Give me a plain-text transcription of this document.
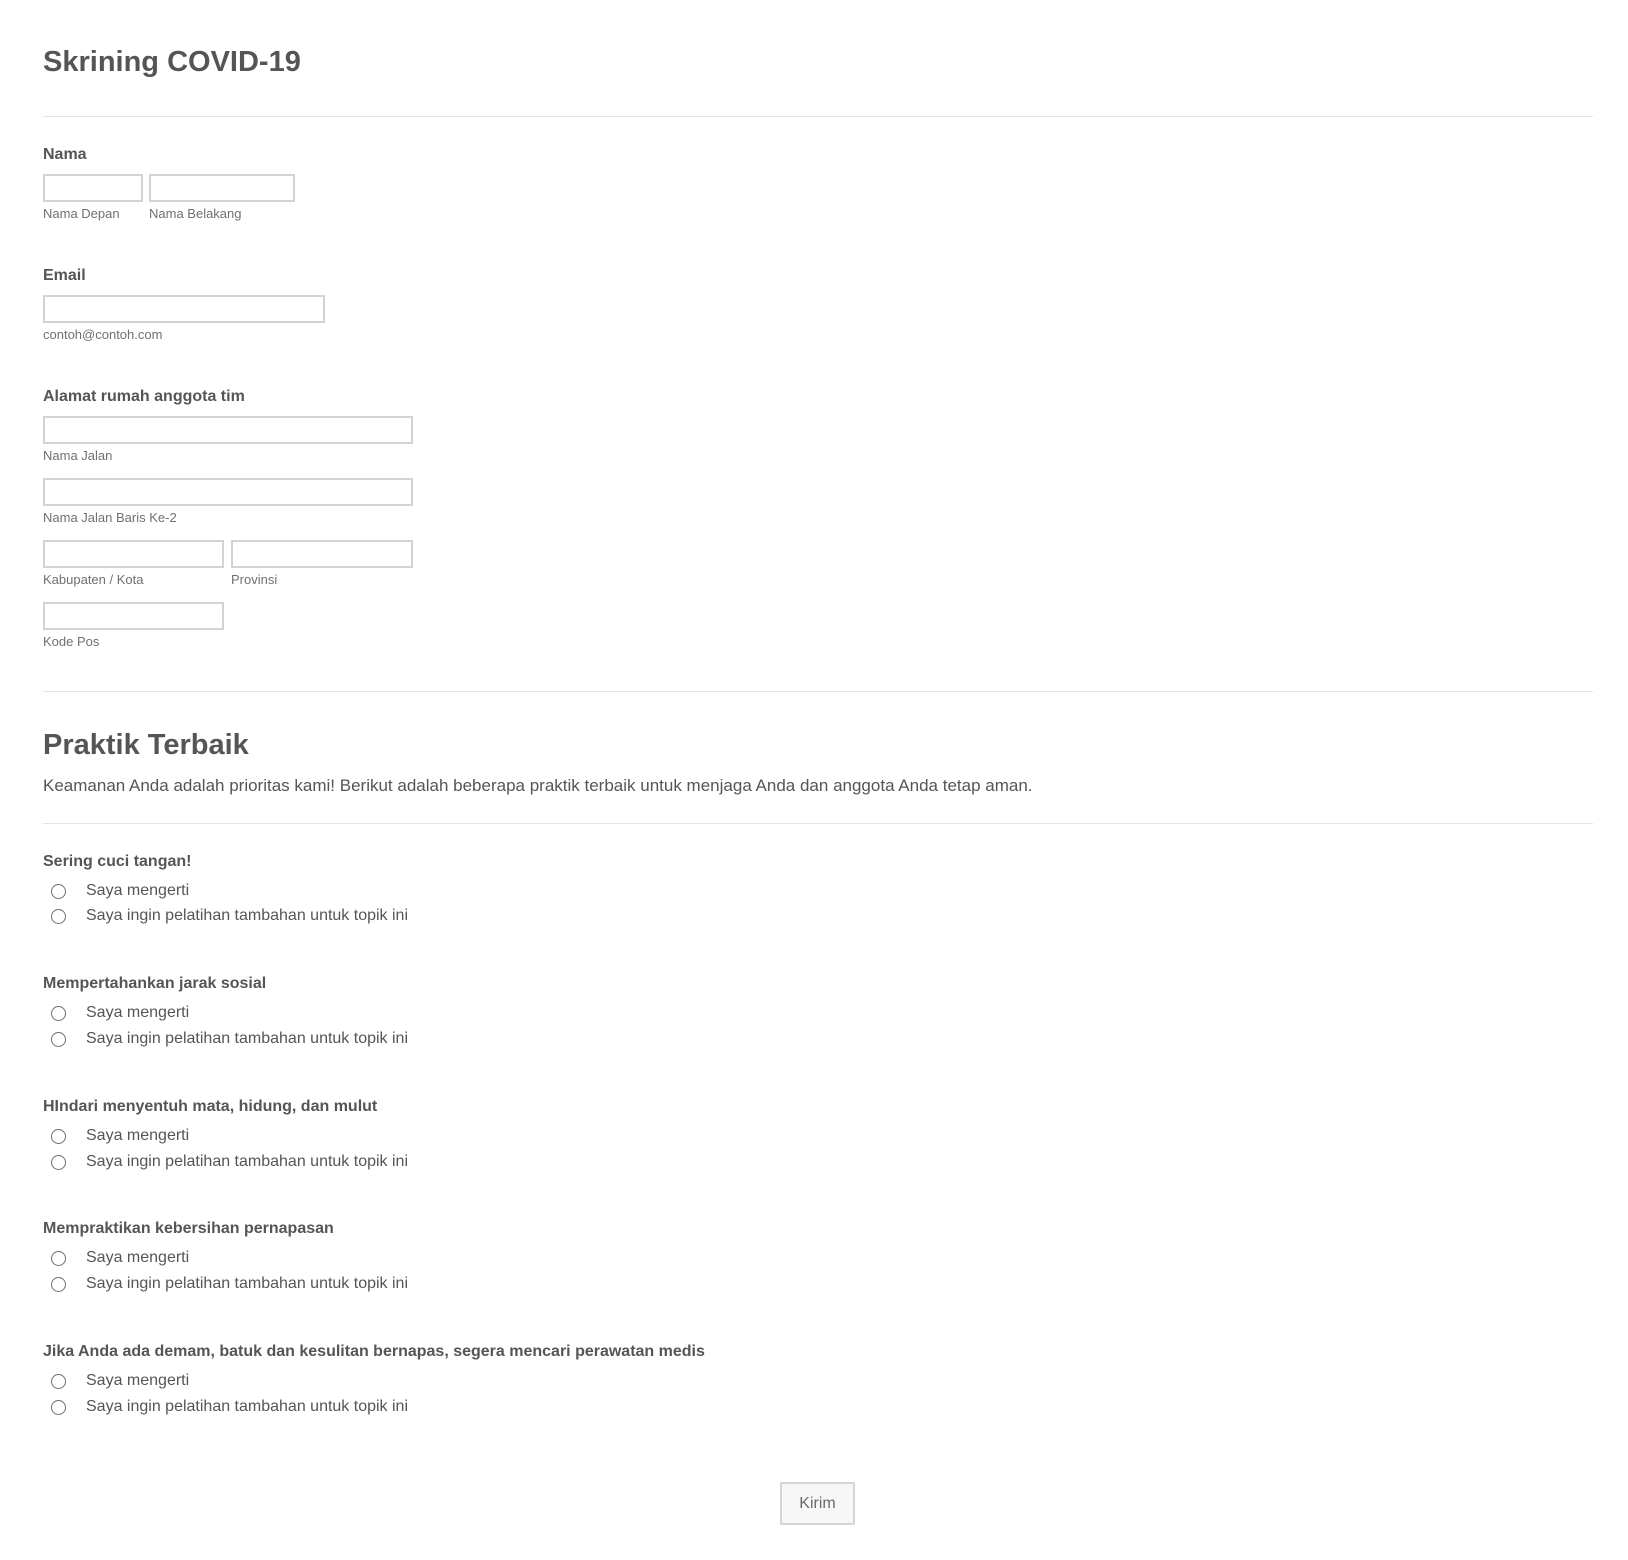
Skrining COVID-19
Nama
Nama Depan Nama Belakang
Email
contoh@contoh.com
Alamat rumah anggota tim
Nama Jalan
Nama Jalan Baris Ke-2
Kabupaten / Kota	Provinsi
Kode Pos
Praktik Terbaik
Keamanan Anda adalah prioritas kami! Berikut adalah beberapa praktik terbaik untuk menjaga Anda dan anggota Anda tetap aman.
Sering cuci tangan!
Saya mengerti
Saya ingin pelatihan tambahan untuk topik ini
Mempertahankan jarak sosial
Saya mengerti
Saya ingin pelatihan tambahan untuk topik ini
HIndari menyentuh mata, hidung, dan mulut
Saya mengerti
Saya ingin pelatihan tambahan untuk topik ini
Mempraktikan kebersihan pernapasan
Saya mengerti
Saya ingin pelatihan tambahan untuk topik ini
Jika Anda ada demam, batuk dan kesulitan bernapas, segera mencari perawatan medis
Saya mengerti
Saya ingin pelatihan tambahan untuk topik ini
Kirim
